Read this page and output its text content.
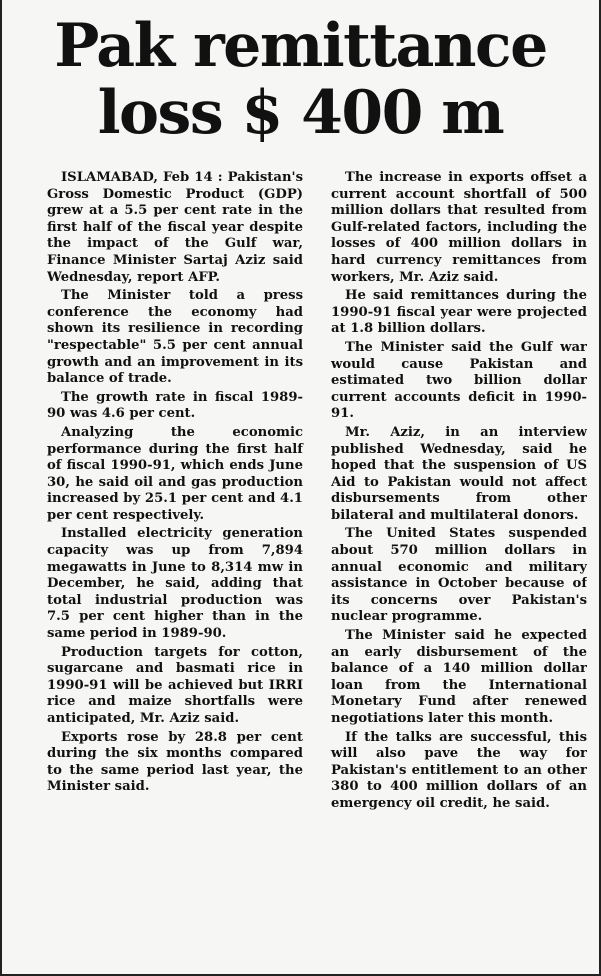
Pak remittance
loss $ 400 m

ISLAMABAD, Feb 14 : Pakistan's Gross Domestic Product (GDP) grew at a 5.5 per cent rate in the first half of the fiscal year despite the impact of the Gulf war, Finance Minister Sartaj Aziz said Wednesday, report AFP.

The Minister told a press conference the economy had shown its resilience in recording "respectable" 5.5 per cent annual growth and an improvement in its balance of trade.

The growth rate in fiscal 1989-90 was 4.6 per cent.

Analyzing the economic performance during the first half of fiscal 1990-91, which ends June 30, he said oil and gas production increased by 25.1 per cent and 4.1 per cent respectively.

Installed electricity generation capacity was up from 7,894 megawatts in June to 8,314 mw in December, he said, adding that total industrial production was 7.5 per cent higher than in the same period in 1989-90.

Production targets for cotton, sugarcane and basmati rice in 1990-91 will be achieved but IRRI rice and maize shortfalls were anticipated, Mr. Aziz said.

Exports rose by 28.8 per cent during the six months compared to the same period last year, the Minister said.

The increase in exports offset a current account shortfall of 500 million dollars that resulted from Gulf-related factors, including the losses of 400 million dollars in hard currency remittances from workers, Mr. Aziz said.

He said remittances during the 1990-91 fiscal year were projected at 1.8 billion dollars.

The Minister said the Gulf war would cause Pakistan and estimated two billion dollar current accounts deficit in 1990-91.

Mr. Aziz, in an interview published Wednesday, said he hoped that the suspension of US Aid to Pakistan would not affect disbursements from other bilateral and multilateral donors.

The United States suspended about 570 million dollars in annual economic and military assistance in October because of its concerns over Pakistan's nuclear programme.

The Minister said he expected an early disbursement of the balance of a 140 million dollar loan from the International Monetary Fund after renewed negotiations later this month.

If the talks are successful, this will also pave the way for Pakistan's entitlement to an other 380 to 400 million dollars of an emergency oil credit, he said.
